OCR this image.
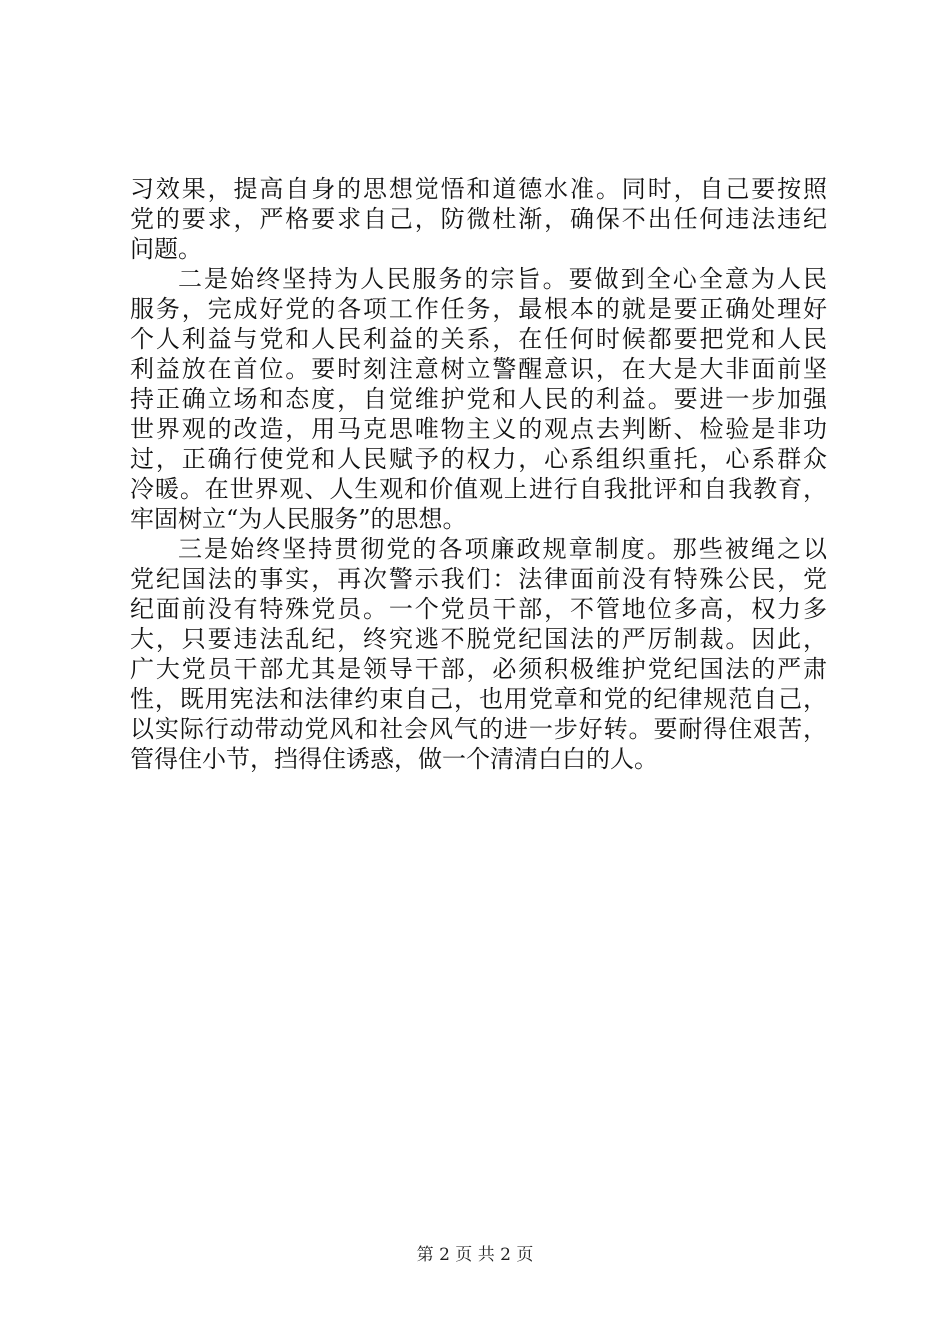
习效果，提高自身的思想觉悟和道德水准。同时，自己要按照
党的要求，严格要求自己，防微杜渐，确保不出任何违法违纪
问题。
二是始终坚持为人民服务的宗旨。要做到全心全意为人民
服务，完成好党的各项工作任务，最根本的就是要正确处理好
个人利益与党和人民利益的关系，在任何时候都要把党和人民
利益放在首位。要时刻注意树立警醒意识，在大是大非面前坚
持正确立场和态度，自觉维护党和人民的利益。要进一步加强
世界观的改造，用马克思唯物主义的观点去判断、检验是非功
过，正确行使党和人民赋予的权力，心系组织重托，心系群众
冷暖。在世界观、人生观和价值观上进行自我批评和自我教育，
牢固树立“为人民服务”的思想。
三是始终坚持贯彻党的各项廉政规章制度。那些被绳之以
党纪国法的事实，再次警示我们：法律面前没有特殊公民，党
纪面前没有特殊党员。一个党员干部，不管地位多高，权力多
大，只要违法乱纪，终究逃不脱党纪国法的严厉制裁。因此，
广大党员干部尤其是领导干部，必须积极维护党纪国法的严肃
性，既用宪法和法律约束自己，也用党章和党的纪律规范自己，
以实际行动带动党风和社会风气的进一步好转。要耐得住艰苦，
管得住小节，挡得住诱惑，做一个清清白白的人。
第 2 页 共 2 页
